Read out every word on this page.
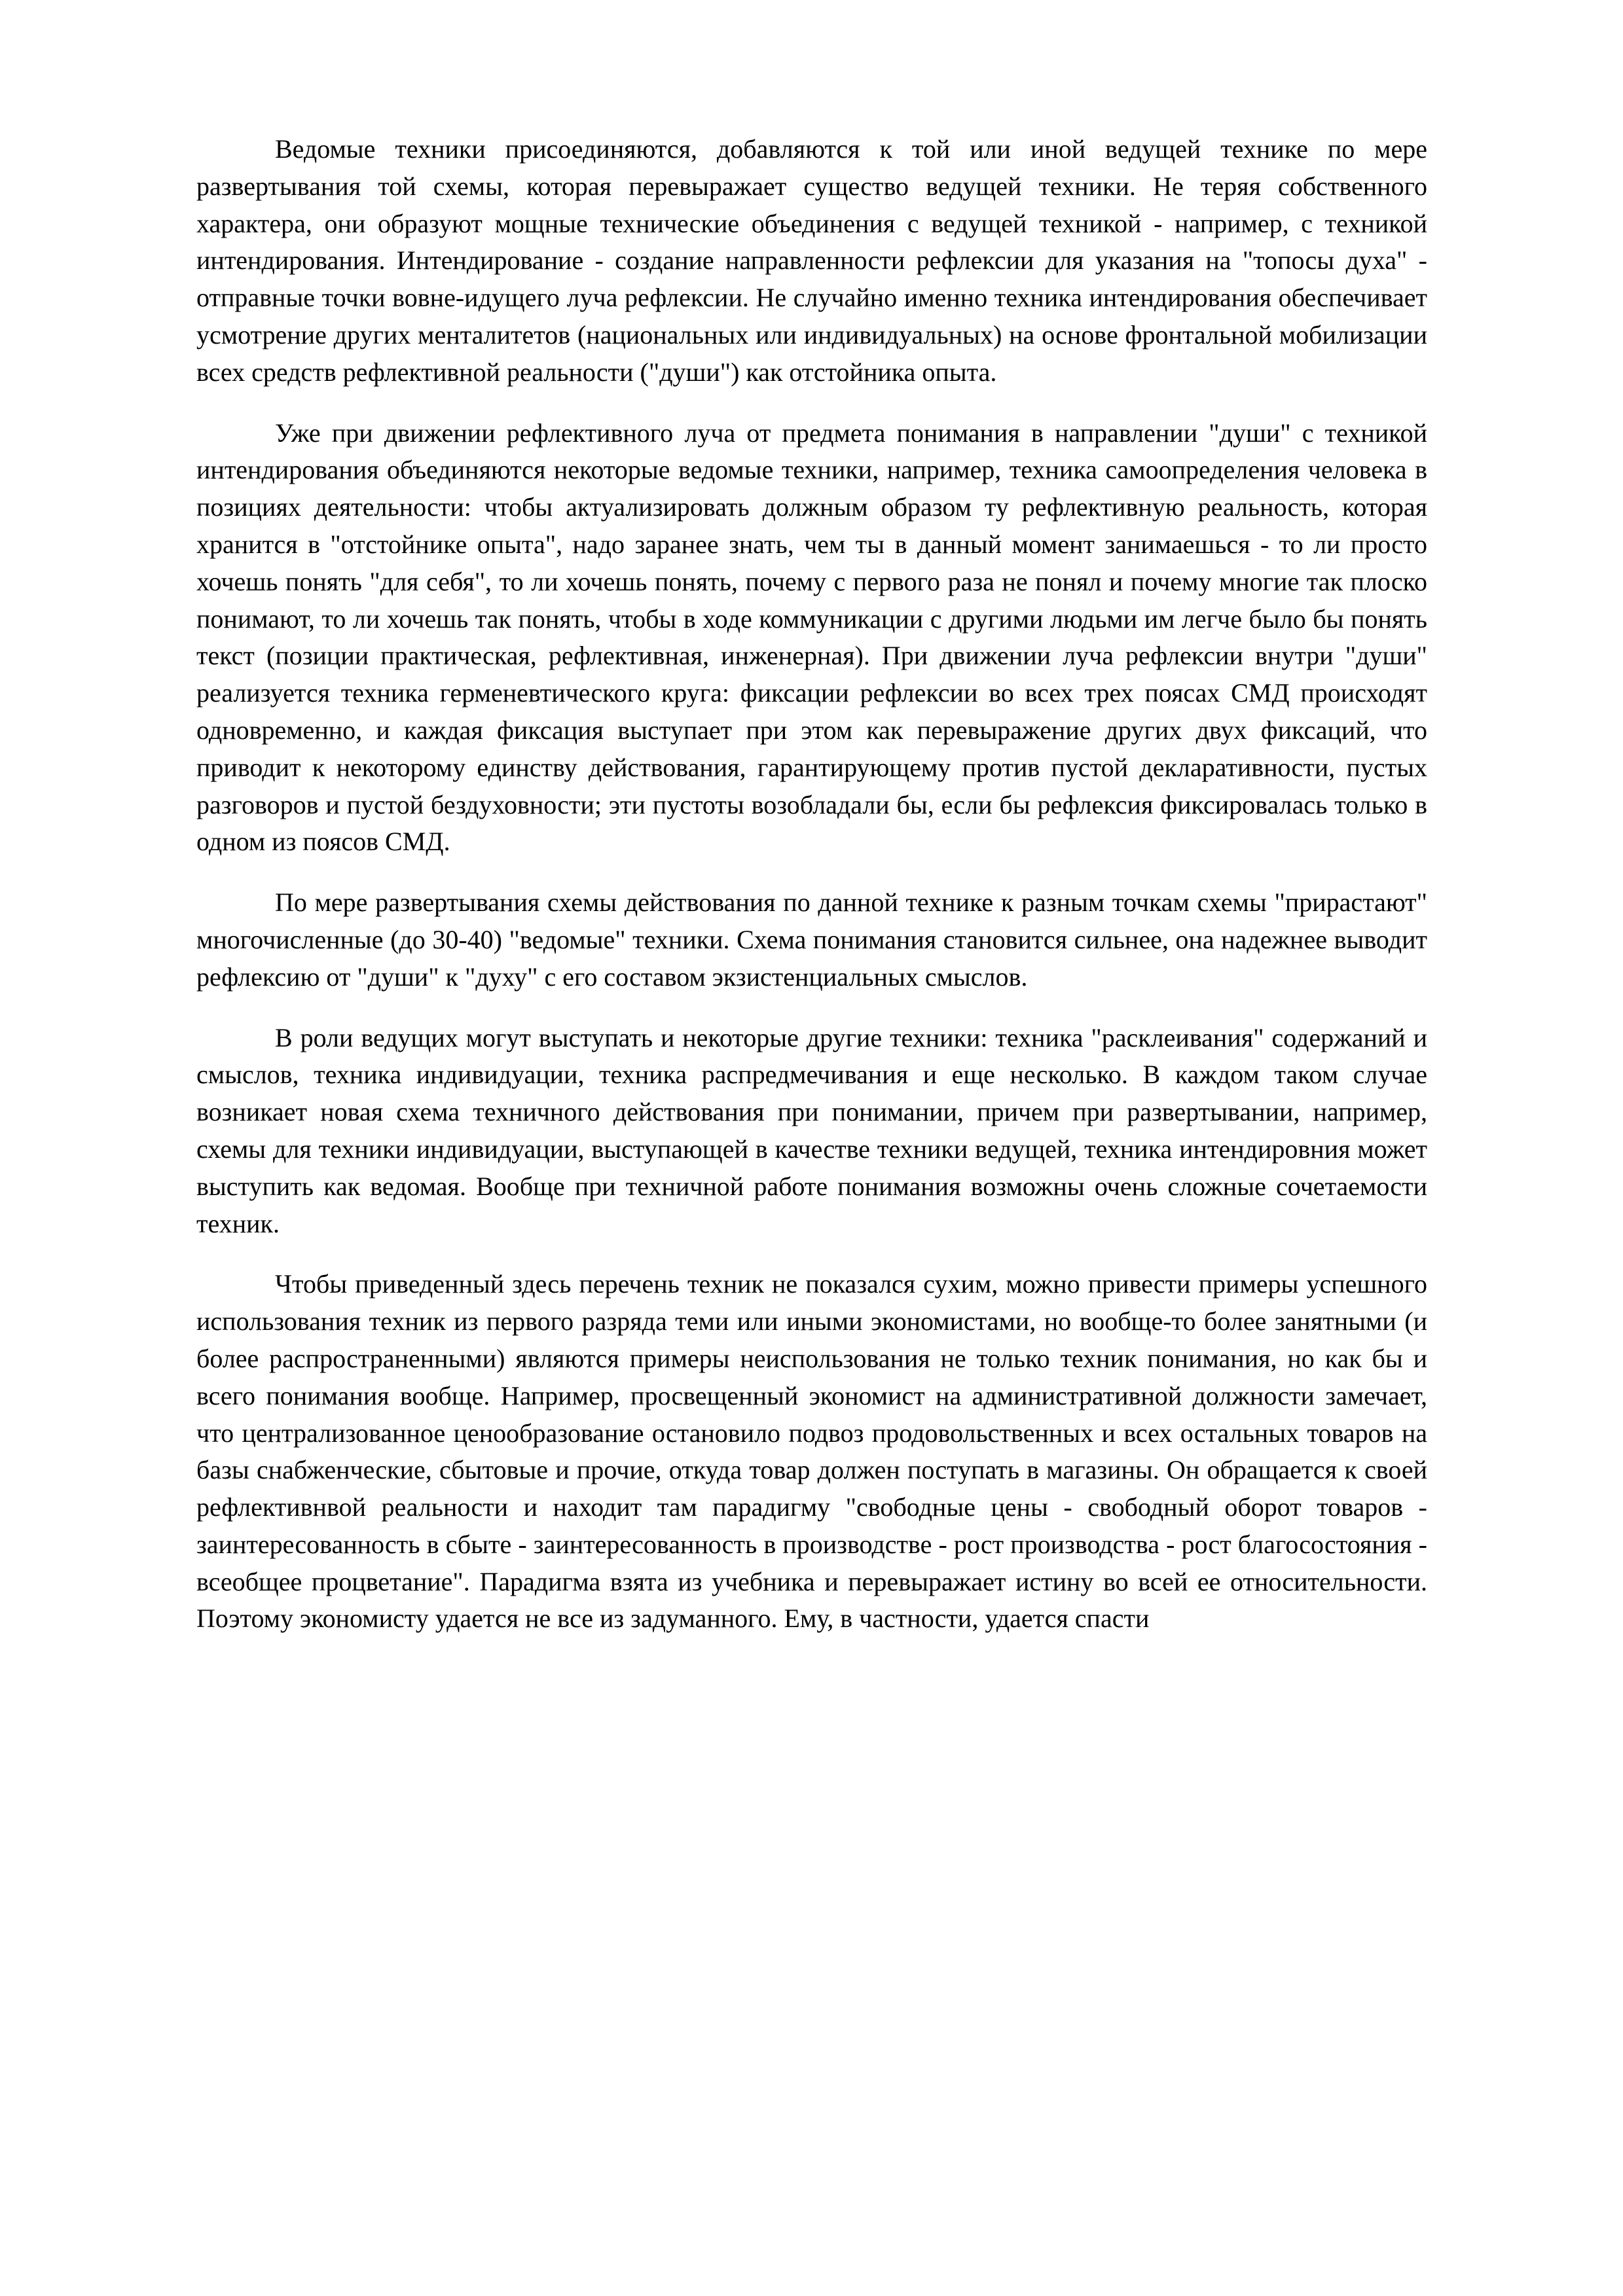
Ведомые техники присоединяются, добавляются к той или иной ведущей технике по мере развертывания той схемы, которая перевыражает существо ведущей техники. Не теряя собственного характера, они образуют мощные технические объединения с ведущей техникой - например, с техникой интендирования. Интендирование - создание направленности рефлексии для указания на "топосы духа" - отправные точки вовне-идущего луча рефлексии. Не случайно именно техника интендирования обеспечивает усмотрение других менталитетов (национальных или индивидуальных) на основе фронтальной мобилизации всех средств рефлективной реальности ("души") как отстойника опыта.

Уже при движении рефлективного луча от предмета понимания в направлении "души" с техникой интендирования объединяются некоторые ведомые техники, например, техника самоопределения человека в позициях деятельности: чтобы актуализировать должным образом ту рефлективную реальность, которая хранится в "отстойнике опыта", надо заранее знать, чем ты в данный момент занимаешься - то ли просто хочешь понять "для себя", то ли хочешь понять, почему с первого раза не понял и почему многие так плоско понимают, то ли хочешь так понять, чтобы в ходе коммуникации с другими людьми им легче было бы понять текст (позиции практическая, рефлективная, инженерная). При движении луча рефлексии внутри "души" реализуется техника герменевтического круга: фиксации рефлексии во всех трех поясах СМД происходят одновременно, и каждая фиксация выступает при этом как перевыражение других двух фиксаций, что приводит к некоторому единству действования, гарантирующему против пустой декларативности, пустых разговоров и пустой бездуховности; эти пустоты возобладали бы, если бы рефлексия фиксировалась только в одном из поясов СМД.

По мере развертывания схемы действования по данной технике к разным точкам схемы "прирастают" многочисленные (до 30-40) "ведомые" техники. Схема понимания становится сильнее, она надежнее выводит рефлексию от "души" к "духу" с его составом экзистенциальных смыслов.

В роли ведущих могут выступать и некоторые другие техники: техника "расклеивания" содержаний и смыслов, техника индивидуации, техника распредмечивания и еще несколько. В каждом таком случае возникает новая схема техничного действования при понимании, причем при развертывании, например, схемы для техники индивидуации, выступающей в качестве техники ведущей, техника интендировния может выступить как ведомая. Вообще при техничной работе понимания возможны очень сложные сочетаемости техник.

Чтобы приведенный здесь перечень техник не показался сухим, можно привести примеры успешного использования техник из первого разряда теми или иными экономистами, но вообще-то более занятными (и более распространенными) являются примеры неиспользования не только техник понимания, но как бы и всего понимания вообще. Например, просвещенный экономист на административной должности замечает, что централизованное ценообразование остановило подвоз продовольственных и всех остальных товаров на базы снабженческие, сбытовые и прочие, откуда товар должен поступать в магазины. Он обращается к своей рефлективнвой реальности и находит там парадигму "свободные цены - свободный оборот товаров - заинтересованность в сбыте - заинтересованность в производстве - рост производства - рост благосостояния - всеобщее процветание". Парадигма взята из учебника и перевыражает истину во всей ее относительности. Поэтому экономисту удается не все из задуманного. Ему, в частности, удается спасти
